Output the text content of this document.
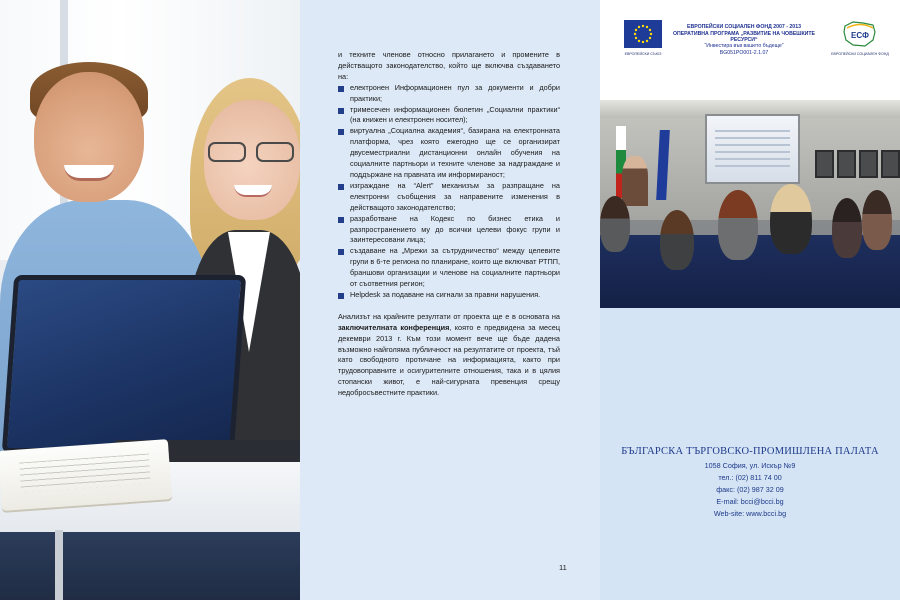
и техните членове относно прилагането и промените в действащото законодателство, който ще включва създаването на:

електронен Информационен пул за документи и добри практики;
тримесечен информационен бюлетин „Социални практики“ (на книжен и електронен носител);
виртуална „Социална академия“, базирана на електронната платформа, чрез която ежегодно ще се организират двусеместриални дистанционни онлайн обучения на социалните партньори и техните членове за надграждане и поддържане на правната им информираност;
изграждане на “Alert” механизъм за разпращане на електронни съобщения за направените изменения в действащото законодателство;
разработване на Кодекс по бизнес етика и разпространението му до всички целеви фокус групи и заинтересовани лица;
създаване на „Мрежи за сътрудничество“ между целевите групи в 6-те региона по планиране, които ще включват РТПП, браншови организации и членове на социалните партньори от съответния регион;
Helpdesk за подаване на сигнали за правни нарушения.

Анализът на крайните резултати от проекта ще е в основата на заключителната конференция, която е предвидена за месец декември 2013 г. Към този момент вече ще бъде дадена възможно найголяма публичност на резултатите от проекта, тъй като свободното протичане на информацията, както при трудовоправните и осигурителните отношения, така и в цялия стопански живот, е най-сигурната превенция срещу недобросъвестните практики.

11
ЕВРОПЕЙСКИ СЪЮЗ
ЕВРОПЕЙСКИ СОЦИАЛЕН ФОНД 2007 - 2013
ОПЕРАТИВНА ПРОГРАМА „РАЗВИТИЕ НА ЧОВЕШКИТЕ РЕСУРСИ“
“Инвестира във вашето бъдеще”
BG051PO001-2.1.07
ЕСФ
ЕВРОПЕЙСКИ СОЦИАЛЕН ФОНД
БЪЛГАРСКА ТЪРГОВСКО-ПРОМИШЛЕНА ПАЛАТА
1058 София, ул. Искър №9
тел.: (02) 811 74 00
факс: (02) 987 32 09
E-mail: bcci@bcci.bg
Web-site: www.bcci.bg
